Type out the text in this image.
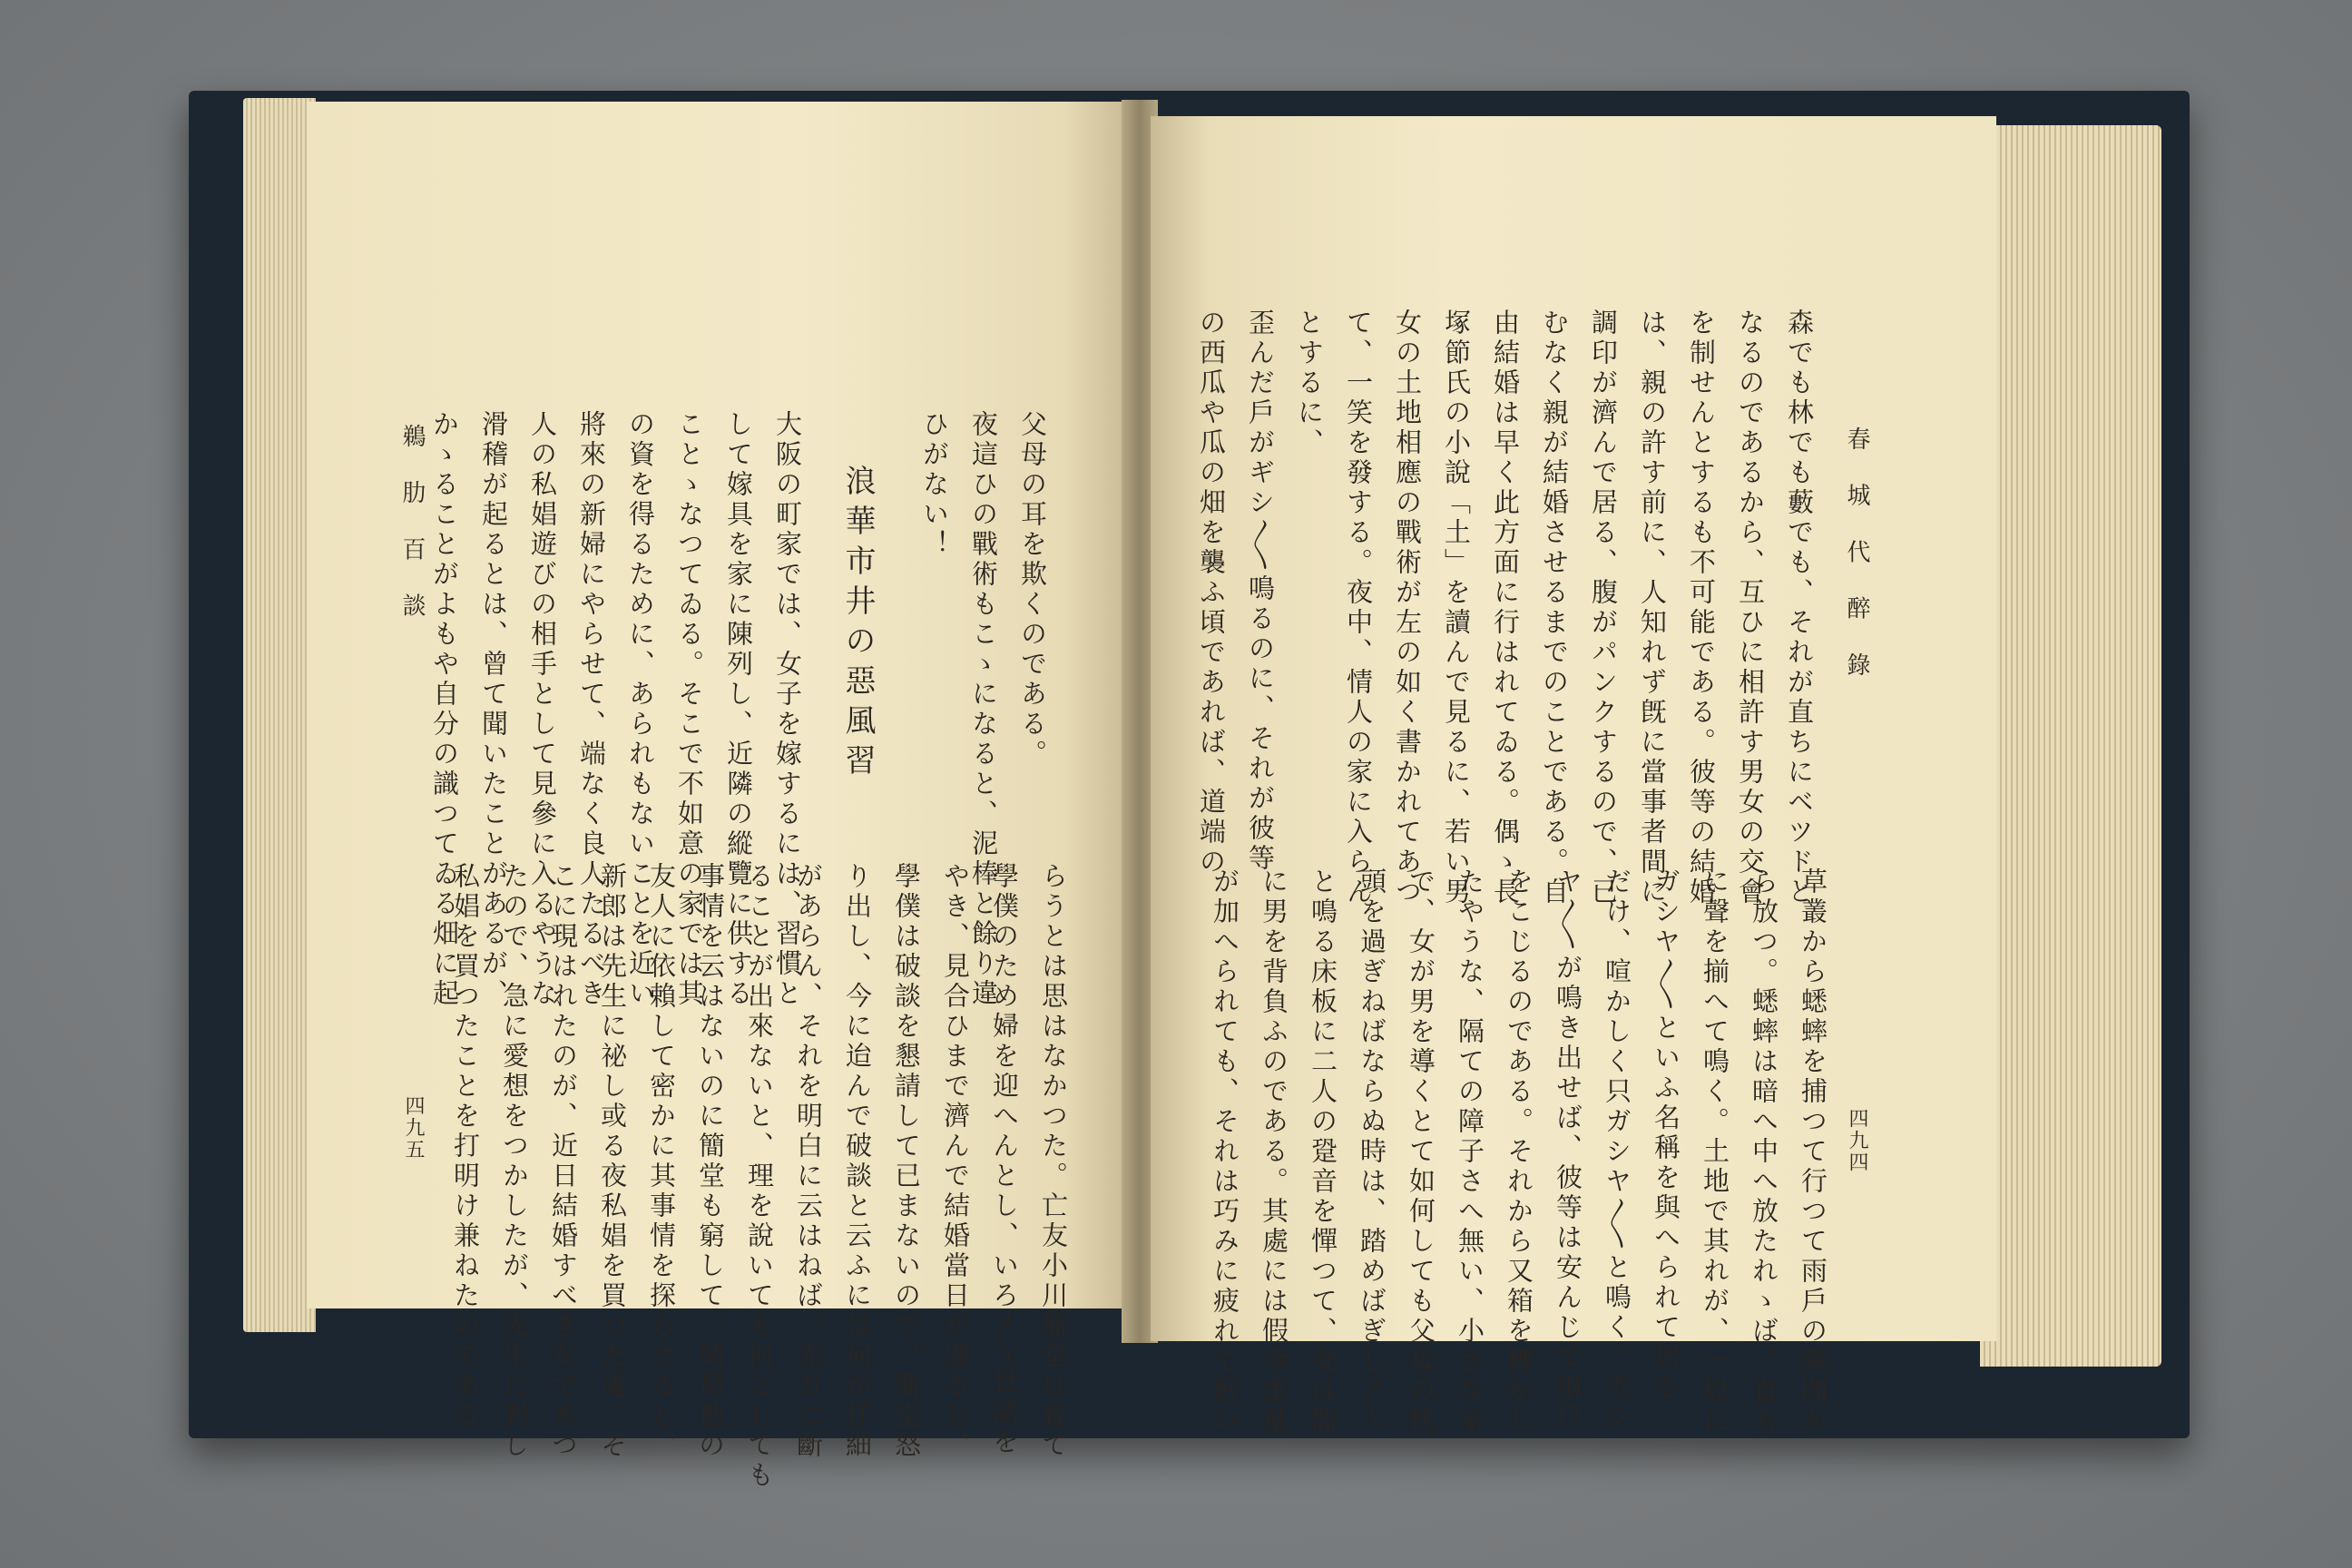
鵜 肋 百 談
四九五
父母の耳を欺くのである。
夜這ひの戰術もこゝになると、泥棒と餘り違
ひがない！
大阪の町家では、女子を嫁するには、習慣と
して嫁具を家に陳列し、近隣の縱覽に供する
ことゝなつてゐる。そこで不如意の家では其
の資を得るために、あられもないことを近い
將來の新婦にやらせて、端なく良人たるべき
人の私娼遊びの相手として見參に入るやうな
滑稽が起るとは、曾て聞いたことがあるが、
かゝることがよもや自分の識つてゐる畑に起	浪華市井の惡風習
らうとは思はなかつた。亡友小川簡堂は曾て
學僕のため婦を迎へんとし、いろ〳〵世話を
やき、見合ひまで濟んで結婚當日が逼ると、
學僕は破談を懇請して已まないので、簡堂怒
り出し、今に迨んで破談と云ふには何か仔細
があらん、それを明白に云はねば、先方に斷
ることが出來ないと、理を說いても何としても
事情を云はないのに簡堂も窮して、結局他の
友人に依賴して密かに其事情を探らせると、
新郎は先生に祕し或る夜私娼を買つた處、そ
こに現はれたのが、近日結婚すべき女であつ
たので、急に愛想をつかしたが、先生に對し
私娼を買つたことを打明け兼ねたのである
春 城 代 醉 錄
四九四
森でも林でも藪でも、それが直ちにベツドと
なるのであるから、互ひに相許す男女の交會
を制せんとするも不可能である。彼等の結婚
は、親の許す前に、人知れず旣に當事者間に
調印が濟んで居る、腹がパンクするので、已
むなく親が結婚させるまでのことである。自
由結婚は早く此方面に行はれてゐる。偶ゝ長
塚節氏の小說「土」を讀んで見るに、若い男
女の土地相應の戰術が左の如く書かれてあつ
て、一笑を發する。夜中、情人の家に入らん
とするに、
歪んだ戶がギシ〳〵鳴るのに、それが彼等
の西瓜や瓜の畑を襲ふ頃であれば、道端の
草叢から蟋蟀を捕つて行つて雨戶の隙間か
ら放つ。蟋蟀は暗へ中へ放たれゝば、直ち
に聲を揃へて鳴く。土地で其れが、一般に
ガシヤ〳〵といふ名稱を與へられて居る
だけ、喧かしく只ガシヤ〳〵と鳴く。ガシ
ヤ〳〵が鳴き出せば、彼等は安んじて雨戶
をこじるのである。それから又箱を轉がし
たやうな、隔ての障子さへ無い、小さな家
で、女が男を導くとて如何しても父母の枕
頭を過ぎねばならぬ時は、踏めばぎし〳〵
と鳴る床板に二人の跫音を憚つて、女は闇
に男を背負ふのである。其處には假令重量
が加へられても、それは巧みに疲れて眠い
